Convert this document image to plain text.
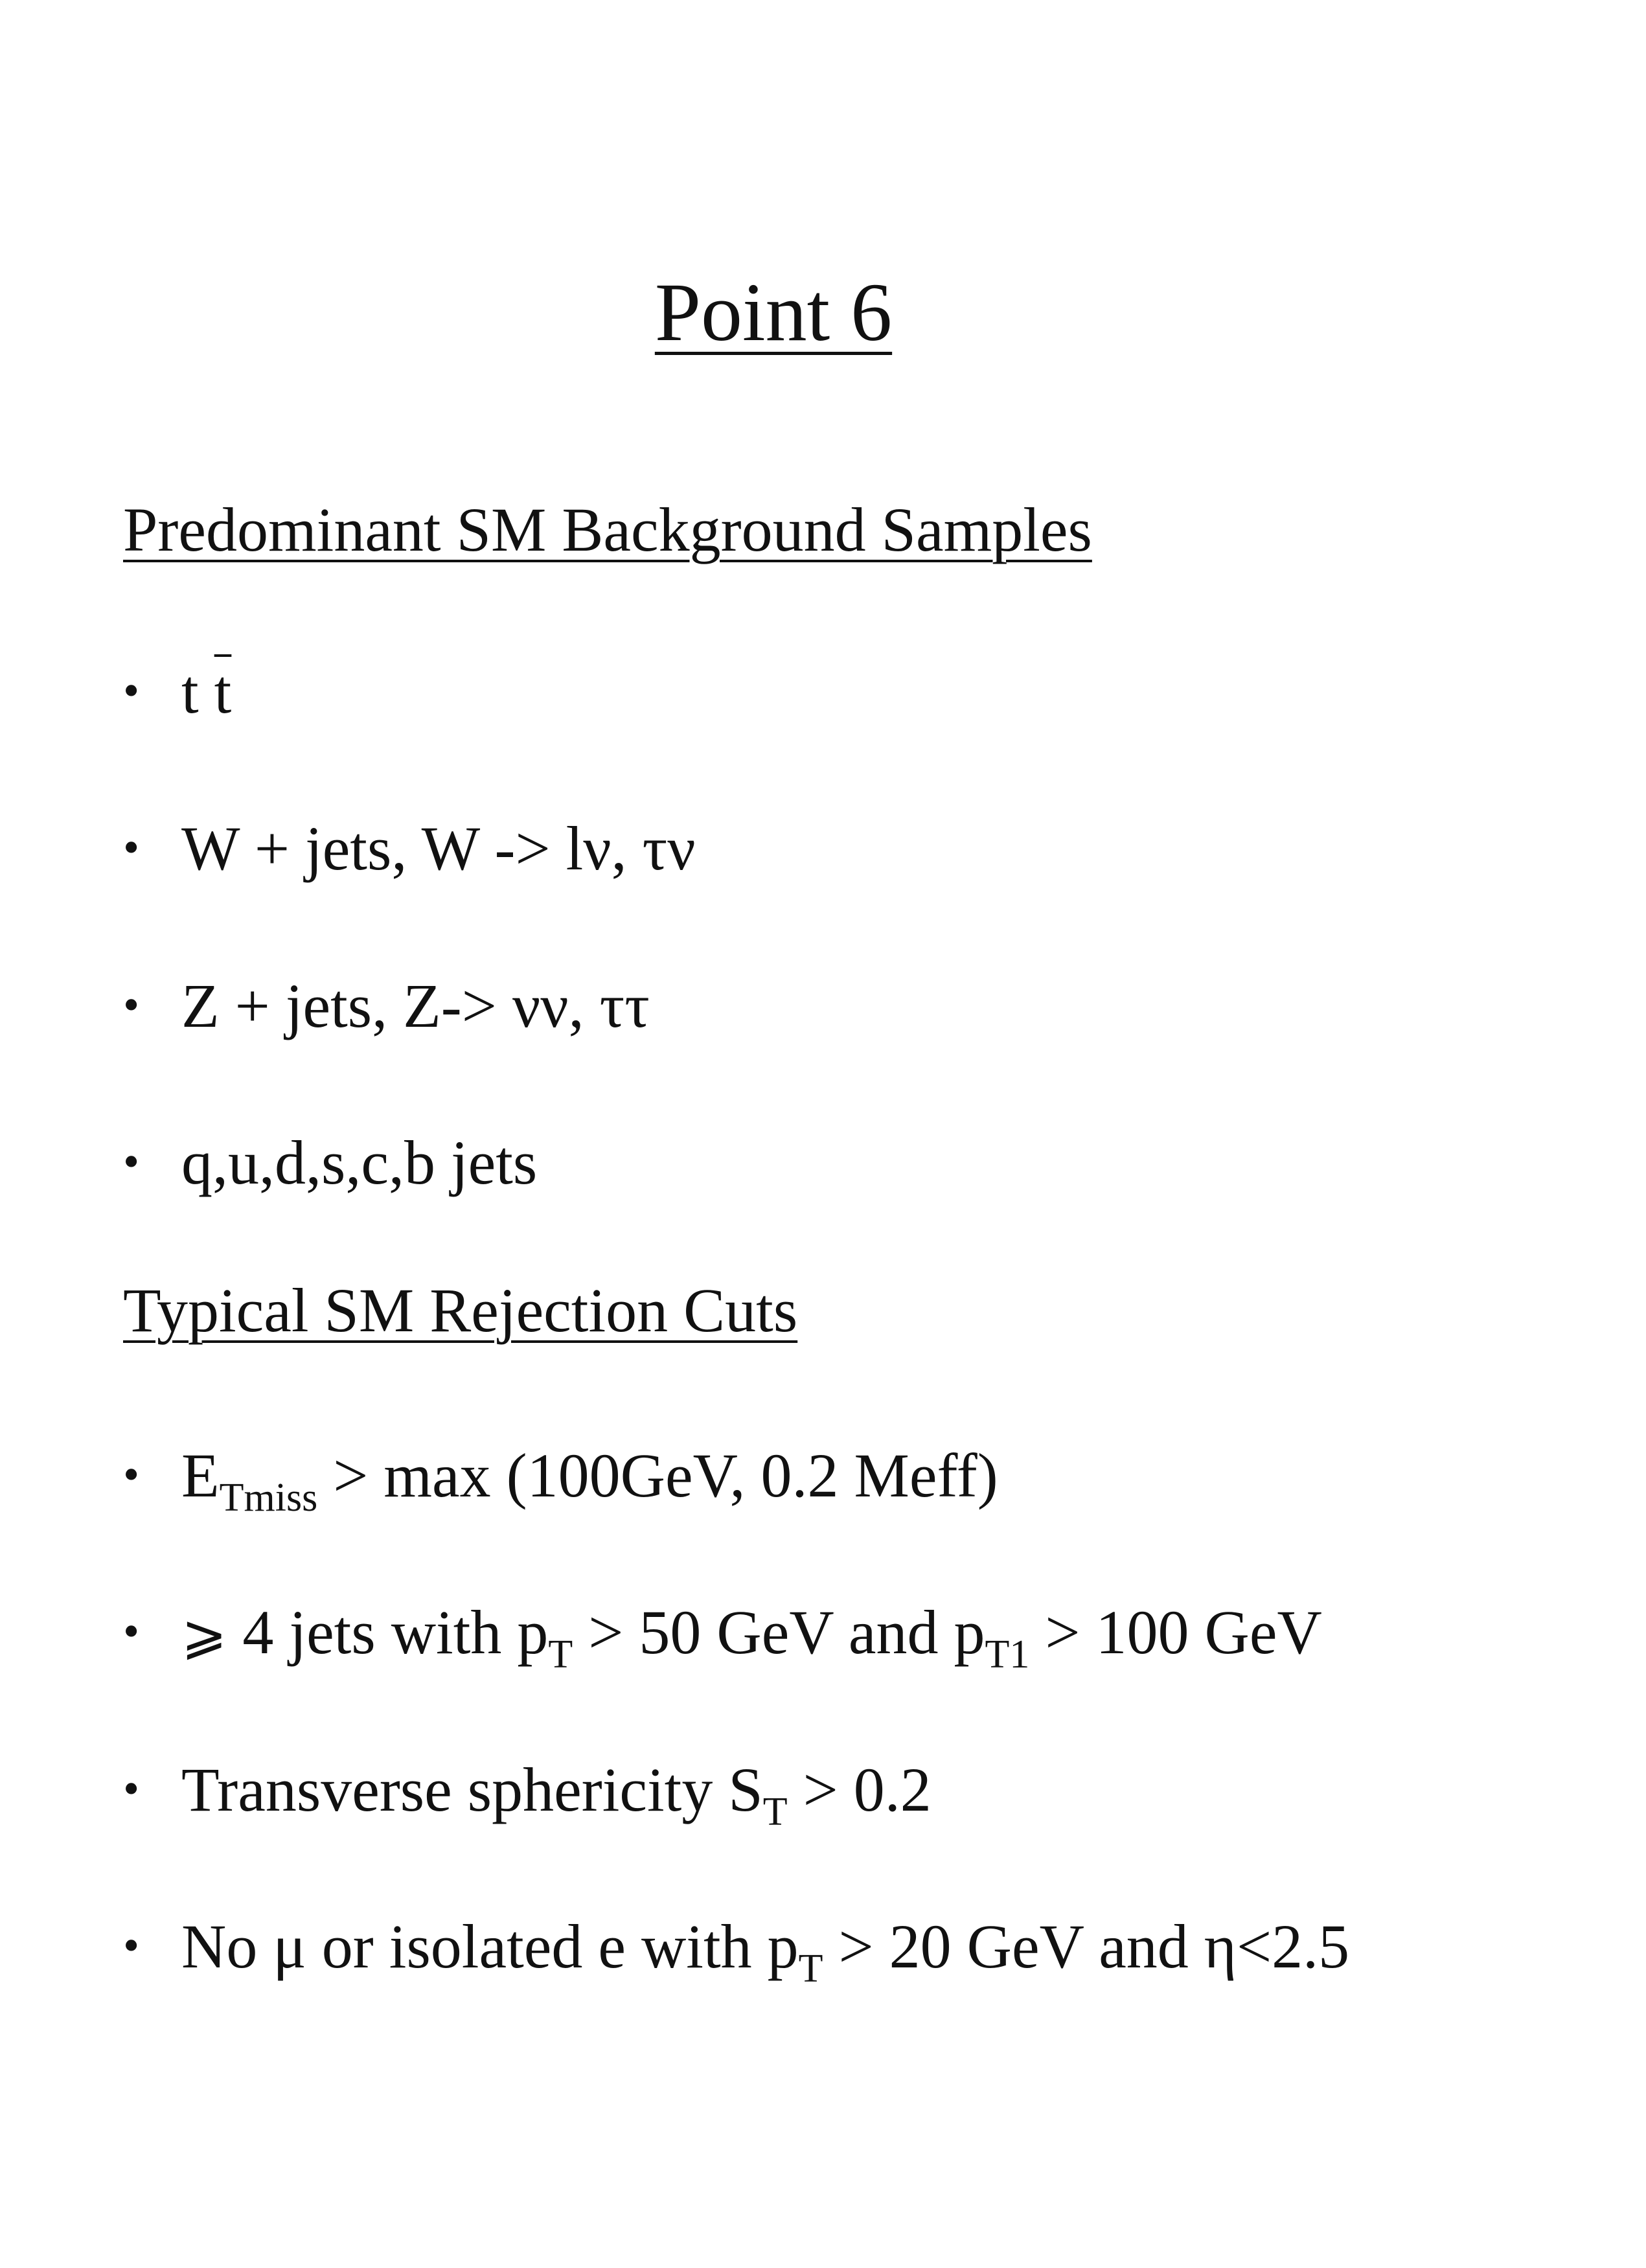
Point 6
Predominant SM Background Samples
• t $\overline{t}$
• W + jets, W -> lν, τν
• Z + jets, Z-> νν, ττ
• q,u,d,s,c,b jets
Typical SM Rejection Cuts
• $E_{Tmiss} > \max (100GeV$, 0.2 Meff)
• ⩾ 4 jets with $p_T > 50$ GeV and $p_{T1} > 100$ GeV
• Transverse sphericity $S_T > 0.2$
• No μ or isolated e with $p_T > 20$ GeV and η<2.5
